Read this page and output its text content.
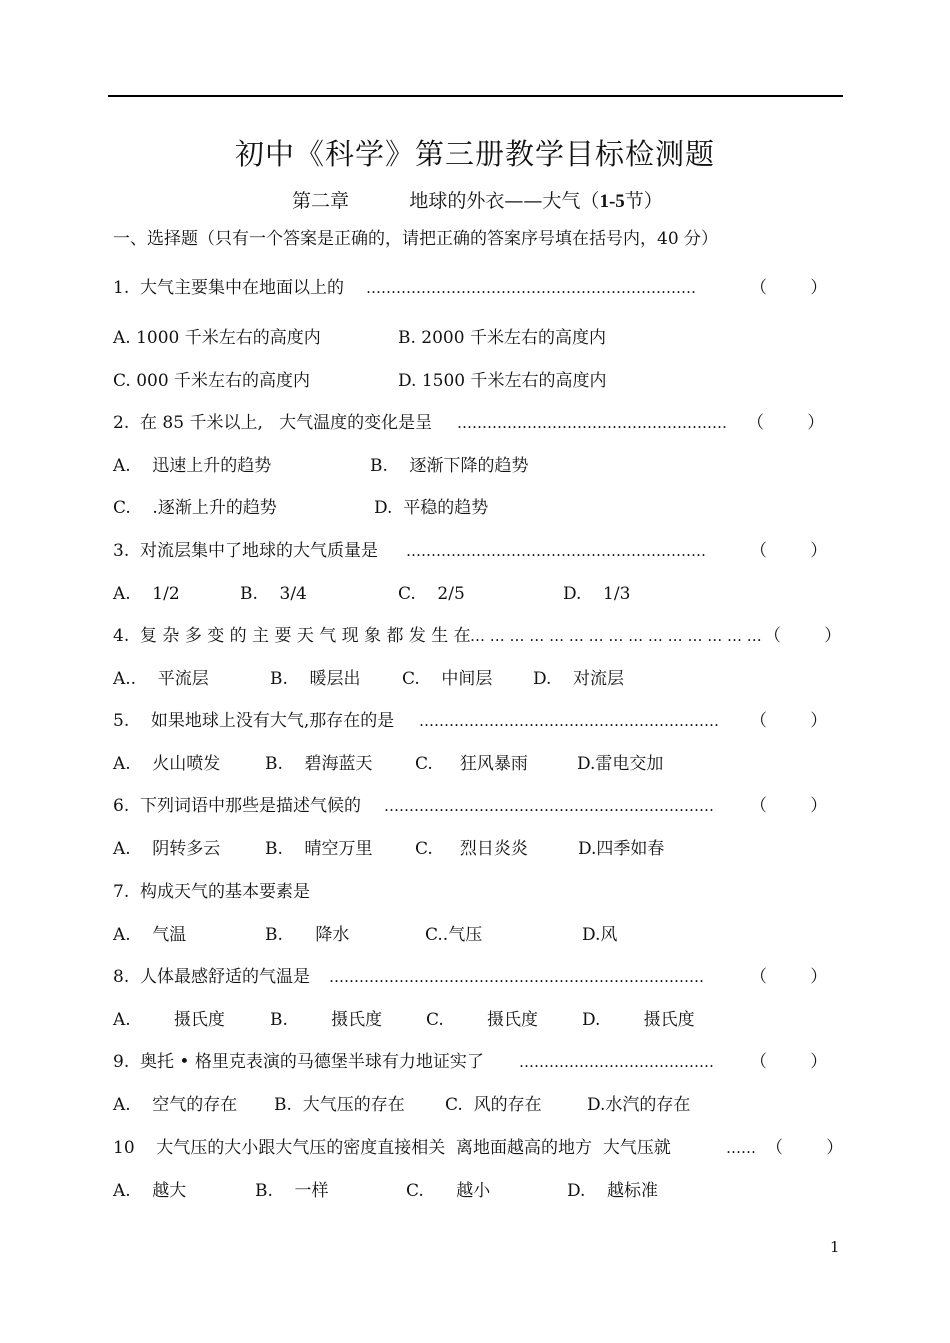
初中《科学》第三册教学目标检测题
第二章	地球的外衣——大气（1-5节）
一、选择题（只有一个答案是正确的，请把正确的答案序号填在括号内，40 分）
1.  大气主要集中在地面以上的 …………………………………………………………	（        ）
A. 1000 千米左右的高度内	B. 2000 千米左右的高度内
C. 000 千米左右的高度内	D. 1500 千米左右的高度内
2.  在 85 千米以上,   大气温度的变化是呈 ……………………………………………… （        ）
A.    迅速上升的趋势	B.    逐渐下降的趋势
C.    .逐渐上升的趋势	D.  平稳的趋势
3.  对流层集中了地球的大气质量是 ……………………………………………………	（        ）
A.    1/2	B.    3/4	C.    2/5	D.    1/3
4.  复 杂 多 变 的 主 要 天 气 现 象 都 发 生 在 … … … … … … … … … … … … … … … （        ）
A..    平流层	B.    暖层出 C.    中间层 D.    对流层
5.    如果地球上没有大气,那存在的是 …………………………………………………… （        ）
A.    火山喷发	B.    碧海蓝天 C.     狂风暴雨	D.雷电交加
6.  下列词语中那些是描述气候的 ………………………………………………………… （        ）
A.    阴转多云	B.    晴空万里 C.     烈日炎炎	D.四季如春
7.  构成天气的基本要素是
A.    气温	B.      降水	C..气压	D.风
8.  人体最感舒适的气温是 …………………………………………………………………	（        ）
A.        摄氏度	B.        摄氏度	C.        摄氏度	D.        摄氏度
9.  奥托 • 格里克表演的马德堡半球有力地证实了 ………………………………… （        ）
A.    空气的存在 B.  大气压的存在 C.  风的存在	D.水汽的存在
10    大气压的大小跟大气压的密度直接相关  离地面越高的地方  大气压就	…… （        ）
A.    越大	B.    一样	C.      越小	D.    越标准
1
